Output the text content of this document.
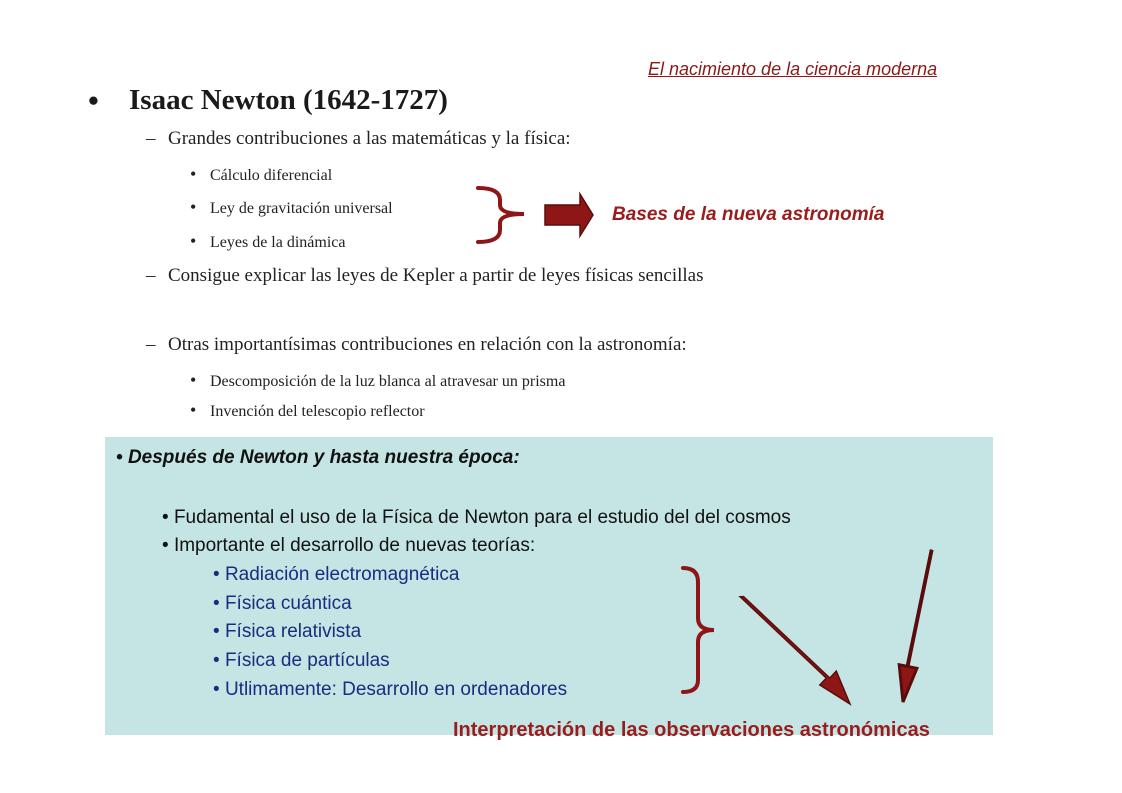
El nacimiento de la ciencia moderna
• Isaac Newton (1642-1727)
– Grandes contribuciones a las matemáticas y la física:
• Cálculo diferencial
• Ley de gravitación universal
• Leyes de la dinámica
Bases de la nueva astronomía
– Consigue explicar las leyes de Kepler a partir de leyes físicas sencillas
– Otras importantísimas contribuciones en relación con la astronomía:
• Descomposición de la luz blanca al atravesar un prisma
• Invención del telescopio reflector
• Después de Newton y hasta nuestra época:
• Fudamental el uso de la Física de Newton para el estudio del del cosmos
• Importante el desarrollo de nuevas teorías:
• Radiación electromagnética
• Física cuántica
• Física relativista
• Física de partículas
• Utlimamente: Desarrollo en ordenadores
Interpretación de las observaciones astronómicas
